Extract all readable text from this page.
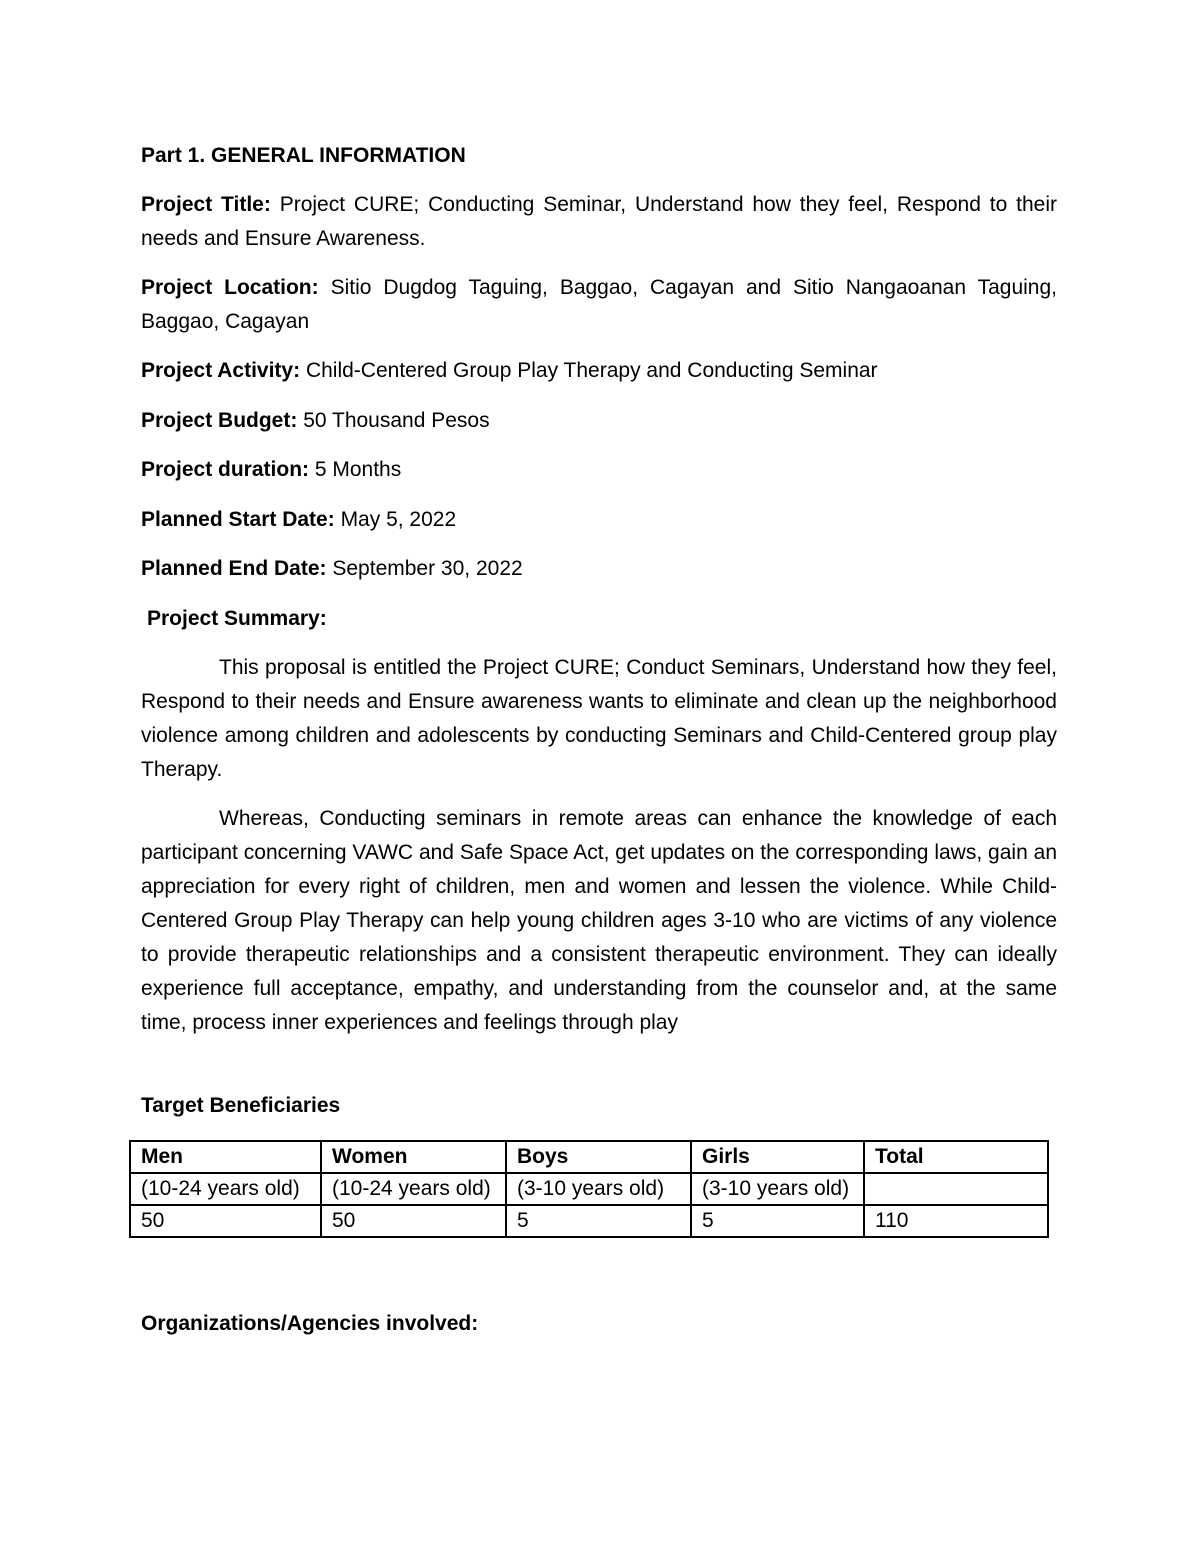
Part 1. GENERAL INFORMATION
Project Title: Project CURE; Conducting Seminar, Understand how they feel, Respond to their needs and Ensure Awareness.
Project Location: Sitio Dugdog Taguing, Baggao, Cagayan and Sitio Nangaoanan Taguing, Baggao, Cagayan
Project Activity: Child-Centered Group Play Therapy and Conducting Seminar
Project Budget: 50 Thousand Pesos
Project duration: 5 Months
Planned Start Date: May 5, 2022
Planned End Date: September 30, 2022
Project Summary:
This proposal is entitled the Project CURE; Conduct Seminars, Understand how they feel, Respond to their needs and Ensure awareness wants to eliminate and clean up the neighborhood violence among children and adolescents by conducting Seminars and Child-Centered group play Therapy.
Whereas, Conducting seminars in remote areas can enhance the knowledge of each participant concerning VAWC and Safe Space Act, get updates on the corresponding laws, gain an appreciation for every right of children, men and women and lessen the violence. While Child-Centered Group Play Therapy can help young children ages 3-10 who are victims of any violence to provide therapeutic relationships and a consistent therapeutic environment. They can ideally experience full acceptance, empathy, and understanding from the counselor and, at the same time, process inner experiences and feelings through play
Target Beneficiaries
Organizations/Agencies involved:
Men	Women	Boys	Girls	Total
(10-24 years old)	(10-24 years old)	(3-10 years old)	(3-10 years old)	
50	50	5	5	110
